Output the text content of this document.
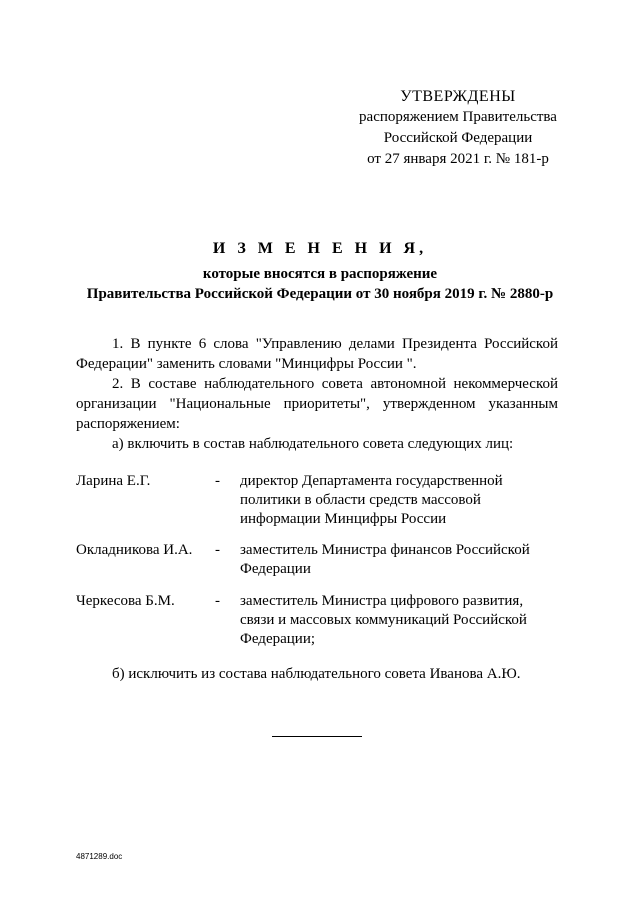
УТВЕРЖДЕНЫ
распоряжением Правительства
Российской Федерации
от 27 января 2021 г. № 181-р
И З М Е Н Е Н И Я,
которые вносятся в распоряжение
Правительства Российской Федерации от 30 ноября 2019 г. № 2880-р
1. В пункте 6 слова "Управлению делами Президента Российской Федерации" заменить словами "Минцифры России ".
2. В составе наблюдательного совета автономной некоммерческой организации "Национальные приоритеты", утвержденном указанным распоряжением:
а) включить в состав наблюдательного совета следующих лиц:
Ларина Е.Г.	-	директор Департамента государственной политики в области средств массовой информации Минцифры России
Окладникова И.А.	-	заместитель Министра финансов Российской Федерации
Черкесова Б.М.	-	заместитель Министра цифрового развития, связи и массовых коммуникаций Российской Федерации;
б) исключить из состава наблюдательного совета Иванова А.Ю.
4871289.doc
